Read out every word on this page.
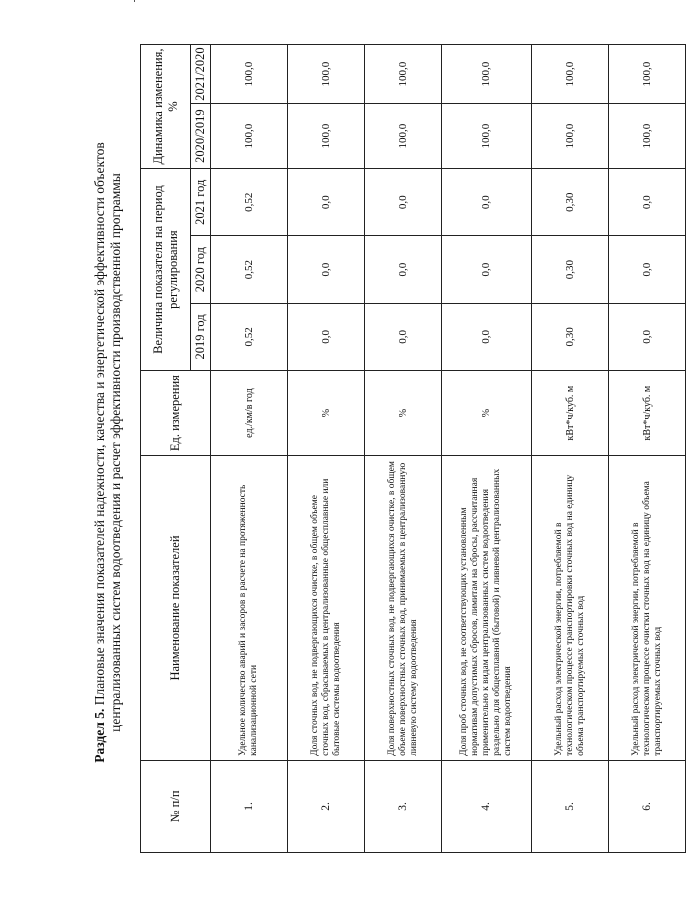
Раздел 5. Плановые значения показателей надежности, качества и энергетической эффективности объектов
централизованных систем водоотведения и расчет эффективности производственной программы
№ п/п	Наименование показателей	Ед. измерения	Величина показателя на период регулирования			Динамика изменения, %	
			2019 год	2020 год	2021 год	2020/2019	2021/2020
1.	Удельное количество аварий и засоров в расчете на протяженность канализационной сети	ед./км/в год	0,52	0,52	0,52	100,0	100,0
2.	Доля сточных вод, не подвергающихся очистке, в общем объеме сточных вод, сбрасываемых в централизованные общесплавные или бытовые системы водоотведения	%	0,0	0,0	0,0	100,0	100,0
3.	Доля поверхностных сточных вод, не подвергающихся очистке, в общем объеме поверхностных сточных вод, принимаемых в централизованную ливневую систему водоотведения	%	0,0	0,0	0,0	100,0	100,0
4.	Доля проб сточных вод, не соответствующих установленным нормативам допустимых сбросов, лимитам на сбросы, рассчитанная применительно к видам централизованных систем водоотведения раздельно для общесплавной (бытовой) и ливневой централизованных систем водоотведения	%	0,0	0,0	0,0	100,0	100,0
5.	Удельный расход электрической энергии, потребляемой в технологическом процессе транспортировки сточных вод на единицу объема транспортируемых сточных вод	кВт*ч/куб. м	0,30	0,30	0,30	100,0	100,0
6.	Удельный расход электрической энергии, потребляемой в технологическом процессе очистки сточных вод на единицу объема транспортируемых сточных вод	кВт*ч/куб. м	0,0	0,0	0,0	100,0	100,0
